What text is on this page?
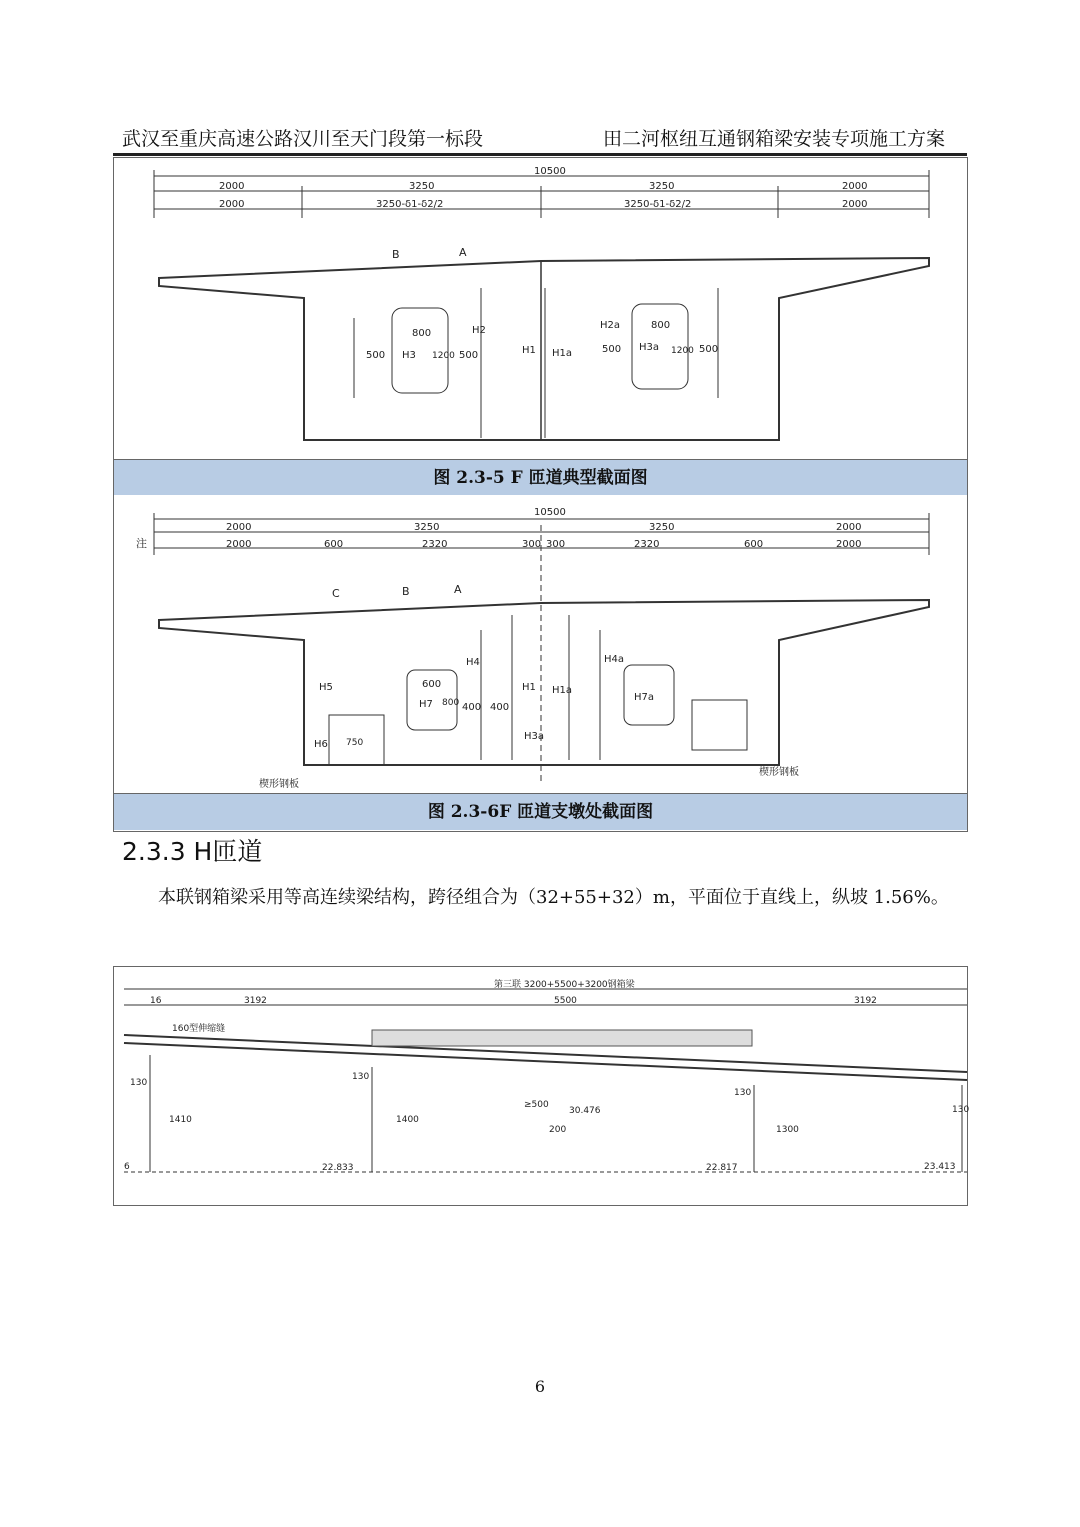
武汉至重庆高速公路汉川至天门段第一标段	田二河枢纽互通钢箱梁安装专项施工方案
10500
2000	3250	3250	2000
2000	3250-δ1-δ2/2	3250-δ1-δ2/2	2000
B	A
H2
H3	H1 H1a
H2a
H3a
800
1200
500	500
800
1200
500	500
图 2.3-5 F 匝道典型截面图
10500
2000	3250	3250	2000
注	2000	600	2320	300 300	2320	600	2000
C	B	A
H4
H5
H6
H7
H1 H1a
H4a
H7a
H3a
600
800 400 400
750
楔形钢板
楔形钢板
图 2.3-6F 匝道支墩处截面图
2.3.3 H匝道
本联钢箱梁采用等高连续梁结构，跨径组合为（32+55+32）m，平面位于直线上，纵坡 1.56%。
第三联 3200+5500+3200钢箱梁
16	3192	5500	3192
160型伸缩缝
130
130
130
130
1410	1400
1300
≥500
30.476
200
22.833	22.817	23.413
6
6
